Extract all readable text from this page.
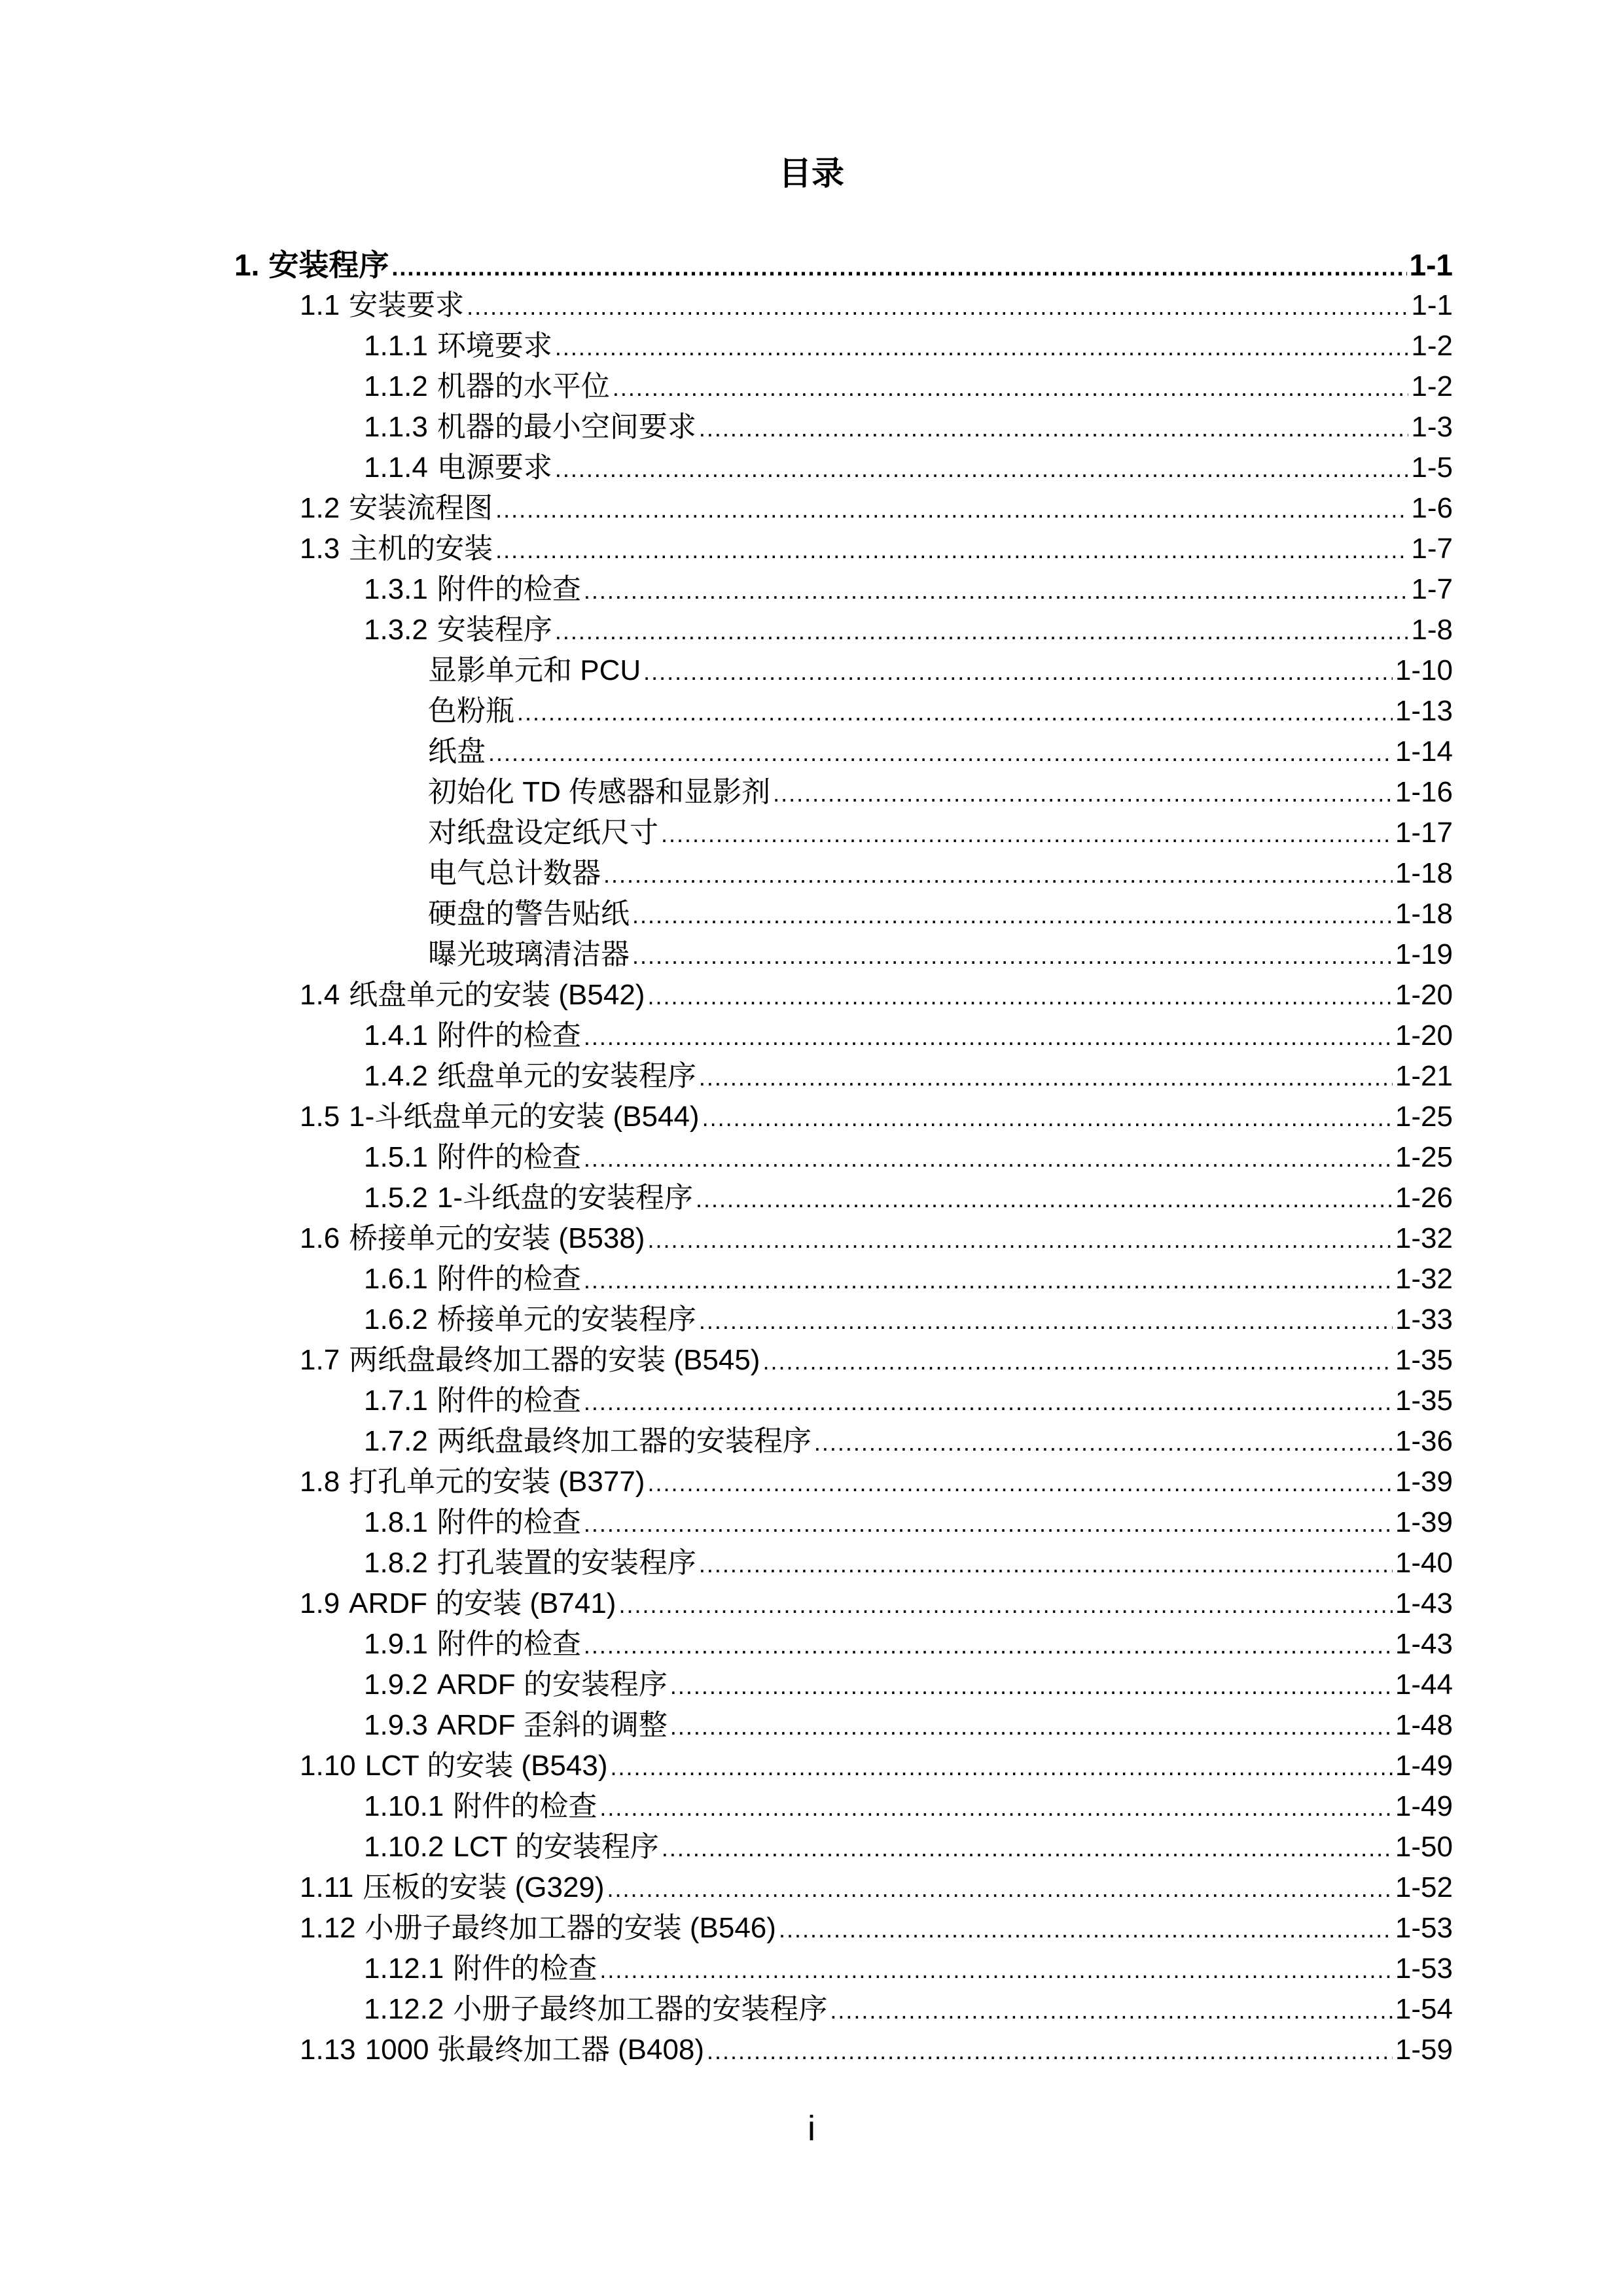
目录
1. 安装程序 .....	1-1
1.1 安装要求 .....	1-1
1.1.1 环境要求 .....	1-2
1.1.2 机器的水平位 .....	1-2
1.1.3 机器的最小空间要求 .....	1-3
1.1.4 电源要求 .....	1-5
1.2 安装流程图 .....	1-6
1.3 主机的安装 .....	1-7
1.3.1 附件的检查 .....	1-7
1.3.2 安装程序 .....	1-8
显影单元和 PCU .....	1-10
色粉瓶 .....	1-13
纸盘 .....	1-14
初始化 TD 传感器和显影剂 .....	1-16
对纸盘设定纸尺寸 .....	1-17
电气总计数器 .....	1-18
硬盘的警告贴纸 .....	1-18
曝光玻璃清洁器 .....	1-19
1.4 纸盘单元的安装 (B542) .....	1-20
1.4.1 附件的检查 .....	1-20
1.4.2 纸盘单元的安装程序 .....	1-21
1.5 1-斗纸盘单元的安装 (B544) .....	1-25
1.5.1 附件的检查 .....	1-25
1.5.2 1-斗纸盘的安装程序 .....	1-26
1.6 桥接单元的安装 (B538) .....	1-32
1.6.1 附件的检查 .....	1-32
1.6.2 桥接单元的安装程序 .....	1-33
1.7 两纸盘最终加工器的安装 (B545) .....	1-35
1.7.1 附件的检查 .....	1-35
1.7.2 两纸盘最终加工器的安装程序 .....	1-36
1.8 打孔单元的安装 (B377) .....	1-39
1.8.1 附件的检查 .....	1-39
1.8.2 打孔装置的安装程序 .....	1-40
1.9 ARDF 的安装 (B741) .....	1-43
1.9.1 附件的检查 .....	1-43
1.9.2 ARDF 的安装程序 .....	1-44
1.9.3 ARDF 歪斜的调整 .....	1-48
1.10 LCT 的安装 (B543) .....	1-49
1.10.1 附件的检查 .....	1-49
1.10.2 LCT 的安装程序 .....	1-50
1.11 压板的安装 (G329) .....	1-52
1.12 小册子最终加工器的安装 (B546) .....	1-53
1.12.1 附件的检查 .....	1-53
1.12.2 小册子最终加工器的安装程序 .....	1-54
1.13 1000 张最终加工器 (B408) .....	1-59
i
